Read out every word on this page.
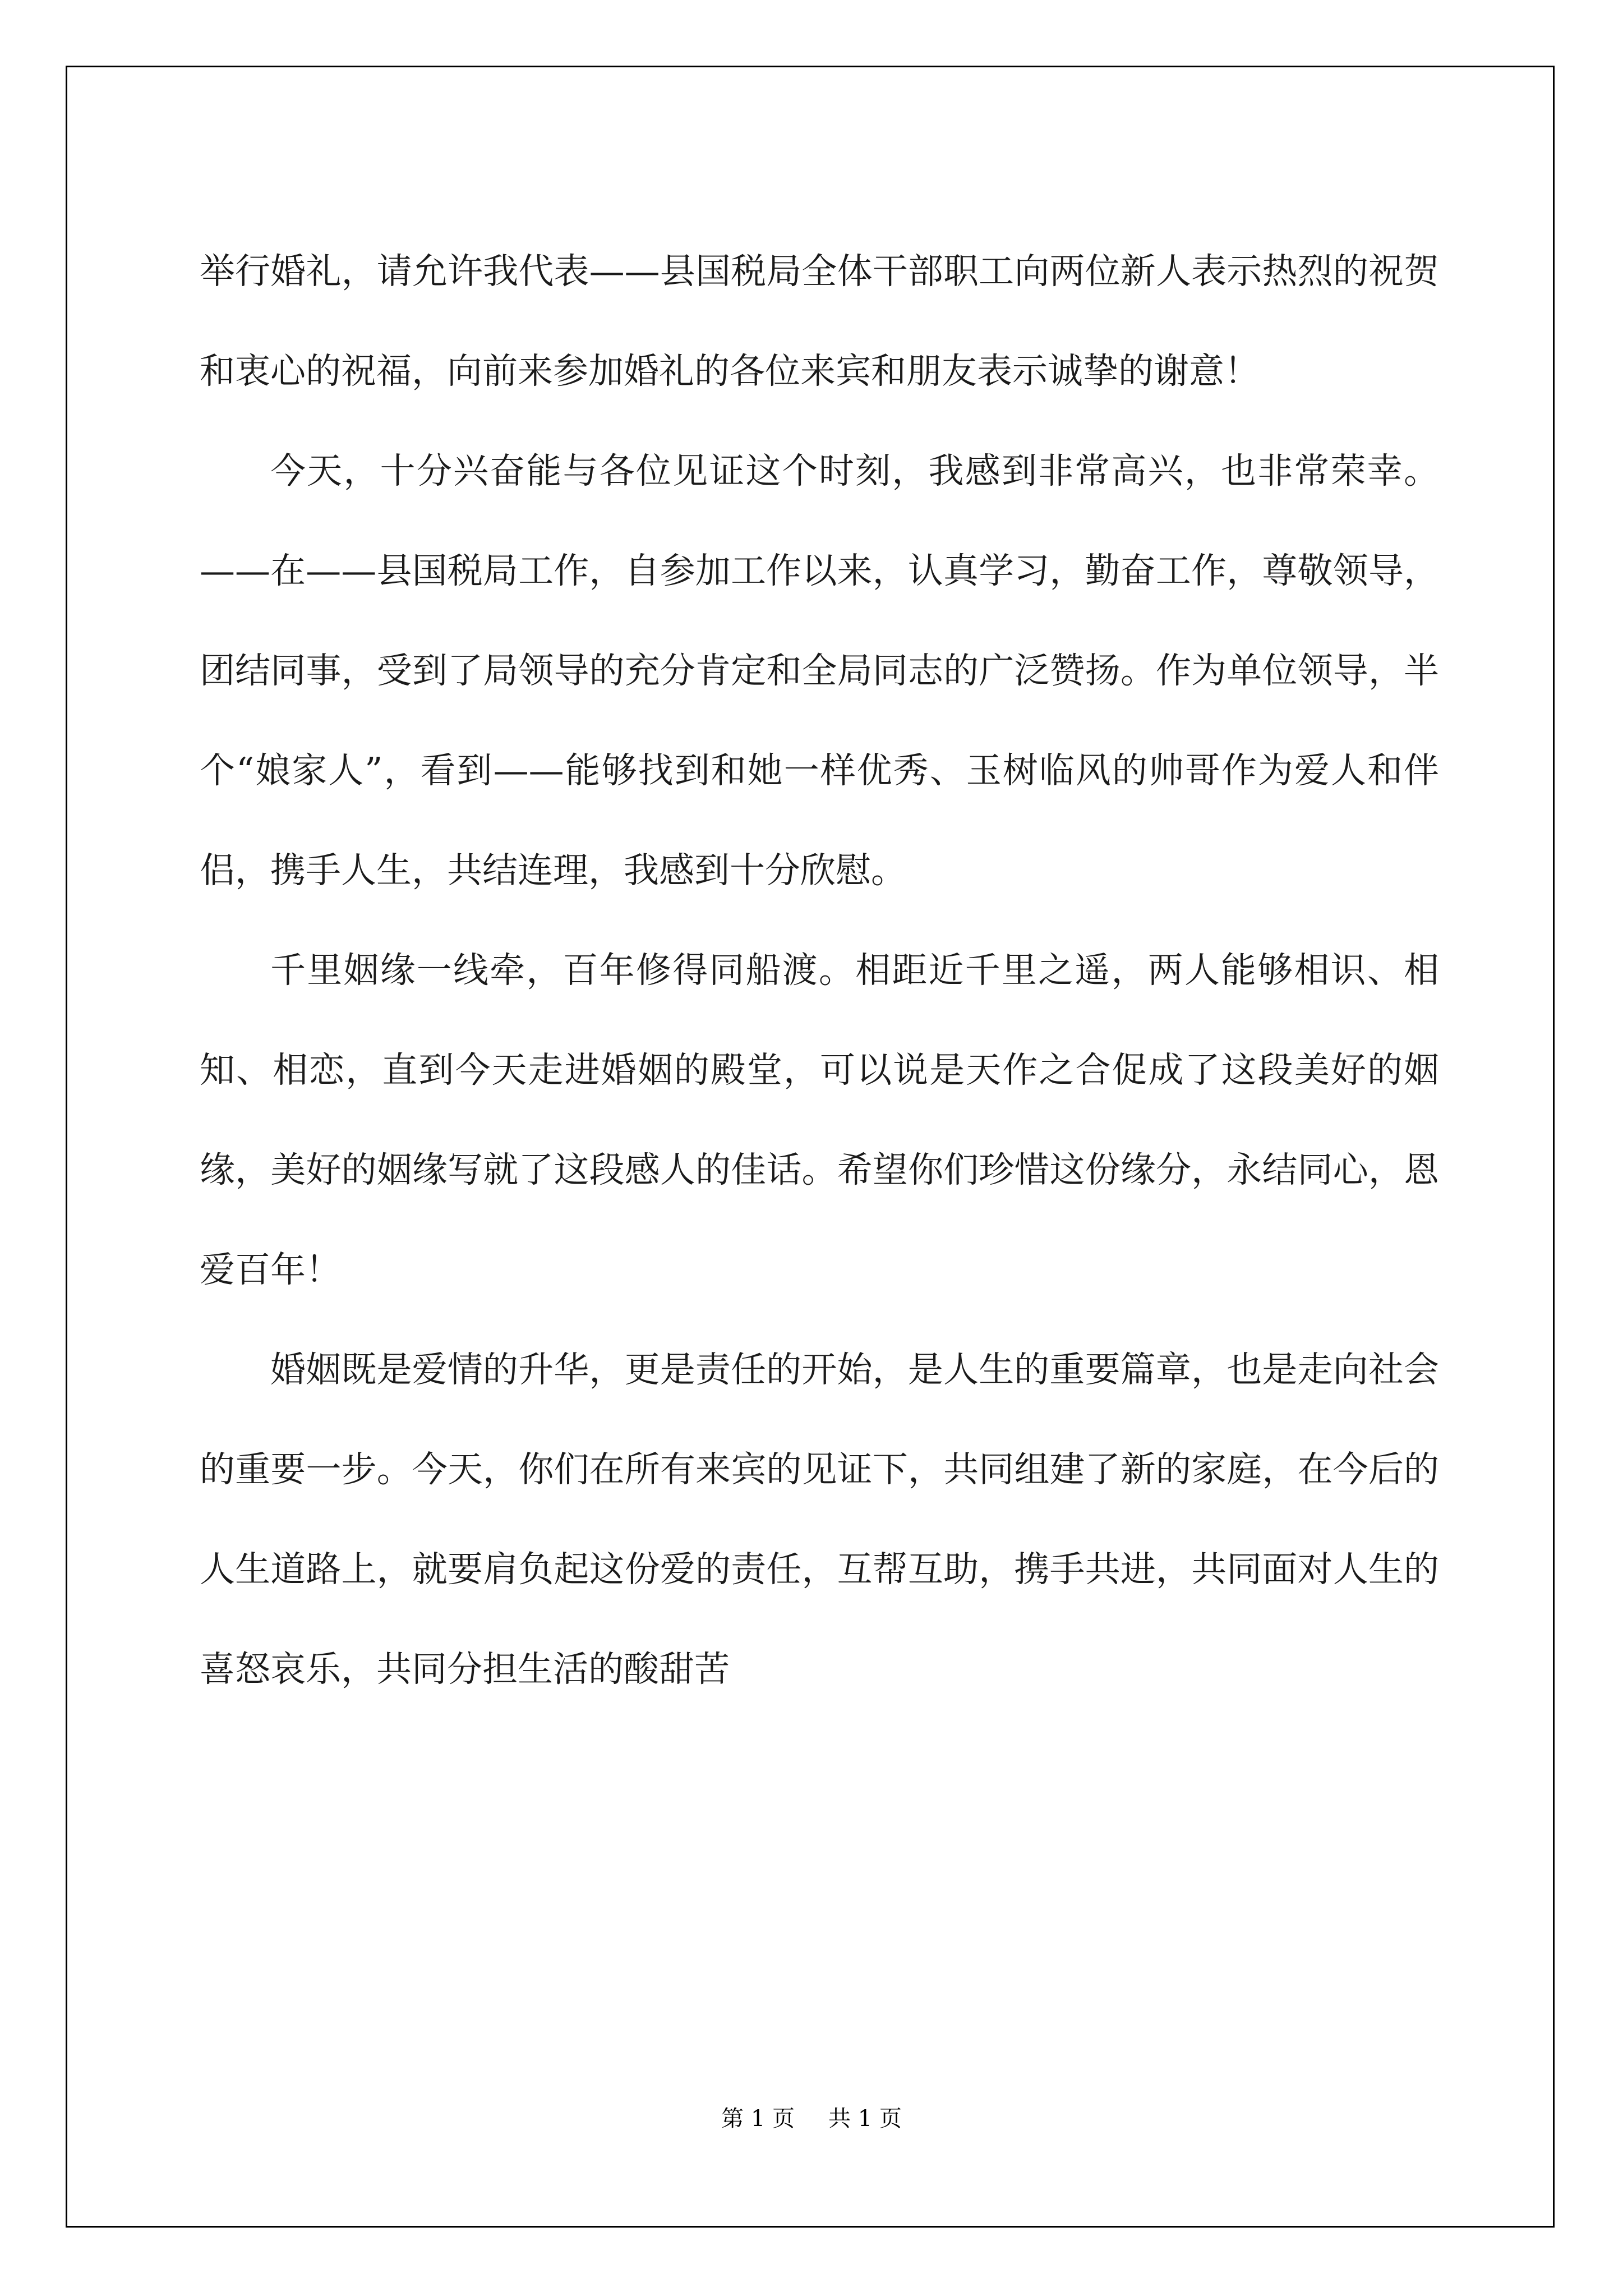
举行婚礼，请允许我代表——县国税局全体干部职工向两位新人表示热烈的祝贺和衷心的祝福，向前来参加婚礼的各位来宾和朋友表示诚挚的谢意！

今天，十分兴奋能与各位见证这个时刻，我感到非常高兴，也非常荣幸。——在——县国税局工作，自参加工作以来，认真学习，勤奋工作，尊敬领导，团结同事，受到了局领导的充分肯定和全局同志的广泛赞扬。作为单位领导，半个“娘家人”，看到——能够找到和她一样优秀、玉树临风的帅哥作为爱人和伴侣，携手人生，共结连理，我感到十分欣慰。

千里姻缘一线牵，百年修得同船渡。相距近千里之遥，两人能够相识、相知、相恋，直到今天走进婚姻的殿堂，可以说是天作之合促成了这段美好的姻缘，美好的姻缘写就了这段感人的佳话。希望你们珍惜这份缘分，永结同心，恩爱百年！

婚姻既是爱情的升华，更是责任的开始，是人生的重要篇章，也是走向社会的重要一步。今天，你们在所有来宾的见证下，共同组建了新的家庭，在今后的人生道路上，就要肩负起这份爱的责任，互帮互助，携手共进，共同面对人生的喜怒哀乐，共同分担生活的酸甜苦

第 1 页 共 1 页
